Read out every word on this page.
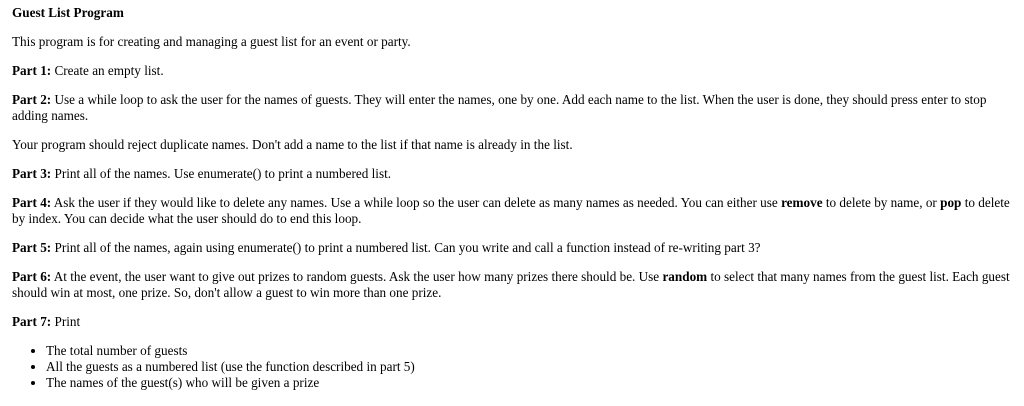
Guest List Program

This program is for creating and managing a guest list for an event or party.

Part 1: Create an empty list.

Part 2: Use a while loop to ask the user for the names of guests. They will enter the names, one by one. Add each name to the list. When the user is done, they should press enter to stop adding names.

Your program should reject duplicate names. Don't add a name to the list if that name is already in the list.

Part 3: Print all of the names. Use enumerate() to print a numbered list.

Part 4: Ask the user if they would like to delete any names. Use a while loop so the user can delete as many names as needed. You can either use remove to delete by name, or pop to delete by index. You can decide what the user should do to end this loop.

Part 5: Print all of the names, again using enumerate() to print a numbered list. Can you write and call a function instead of re-writing part 3?

Part 6: At the event, the user want to give out prizes to random guests. Ask the user how many prizes there should be. Use random to select that many names from the guest list. Each guest should win at most, one prize. So, don't allow a guest to win more than one prize.

Part 7: Print

• The total number of guests
• All the guests as a numbered list (use the function described in part 5)
• The names of the guest(s) who will be given a prize
